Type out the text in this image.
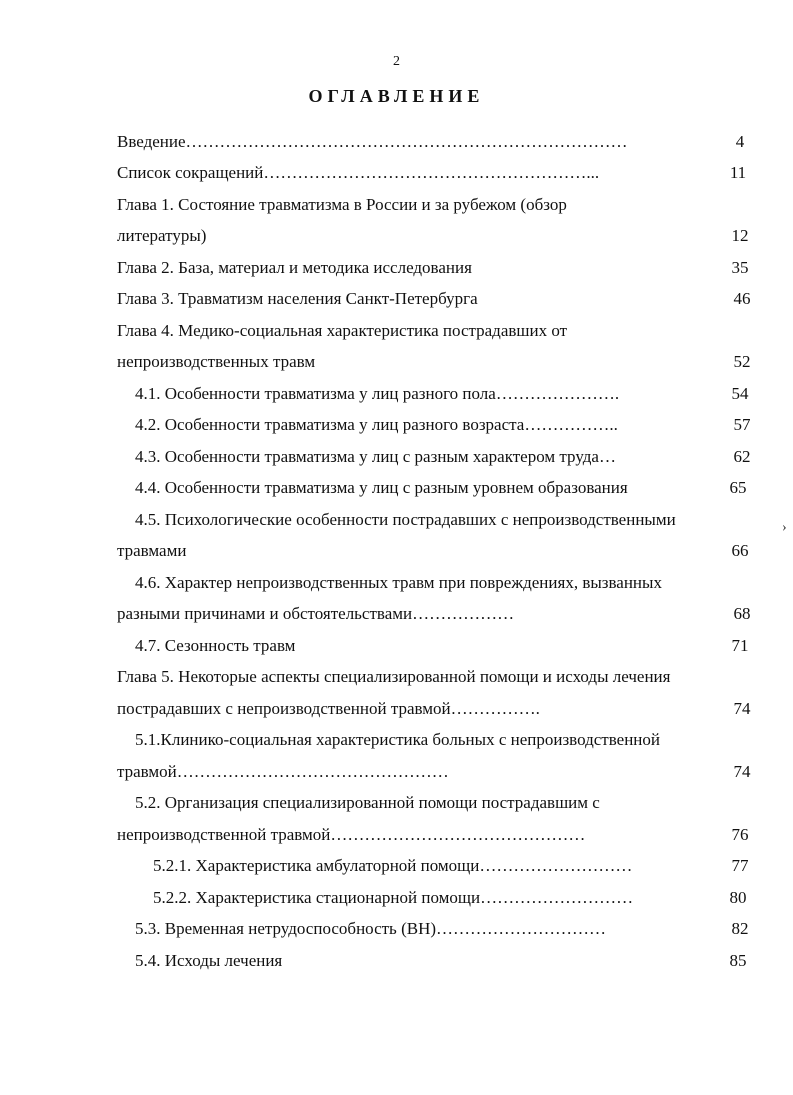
2
ОГЛАВЛЕНИЕ
Введение……………………………………………………………………	4
Список сокращений…………………………………………………...	11
Глава 1. Состояние травматизма в России и за рубежом (обзор
литературы)	12
Глава 2. База, материал и методика исследования	35
Глава 3. Травматизм населения Санкт-Петербурга	46
Глава 4. Медико-социальная характеристика пострадавших от
непроизводственных травм	52
4.1. Особенности травматизма у лиц разного пола………………….	54
4.2. Особенности травматизма у лиц разного возраста……………..	57
4.3. Особенности травматизма у лиц с разным характером труда…	62
4.4. Особенности травматизма у лиц с разным уровнем образования	65
4.5. Психологические особенности пострадавших с непроизводственными
травмами	66
4.6. Характер непроизводственных травм при повреждениях, вызванных
разными причинами и обстоятельствами………………	68
4.7. Сезонность травм	71
Глава 5. Некоторые аспекты специализированной помощи и исходы лечения
пострадавших с непроизводственной травмой…………….	74
5.1.Клинико-социальная характеристика больных с непроизводственной
травмой…………………………………………	74
5.2. Организация специализированной помощи пострадавшим с
непроизводственной травмой………………………………………	76
5.2.1. Характеристика амбулаторной помощи………………………	77
5.2.2. Характеристика стационарной помощи………………………	80
5.3. Временная нетрудоспособность (ВН)…………………………	82
5.4. Исходы лечения	85
›
